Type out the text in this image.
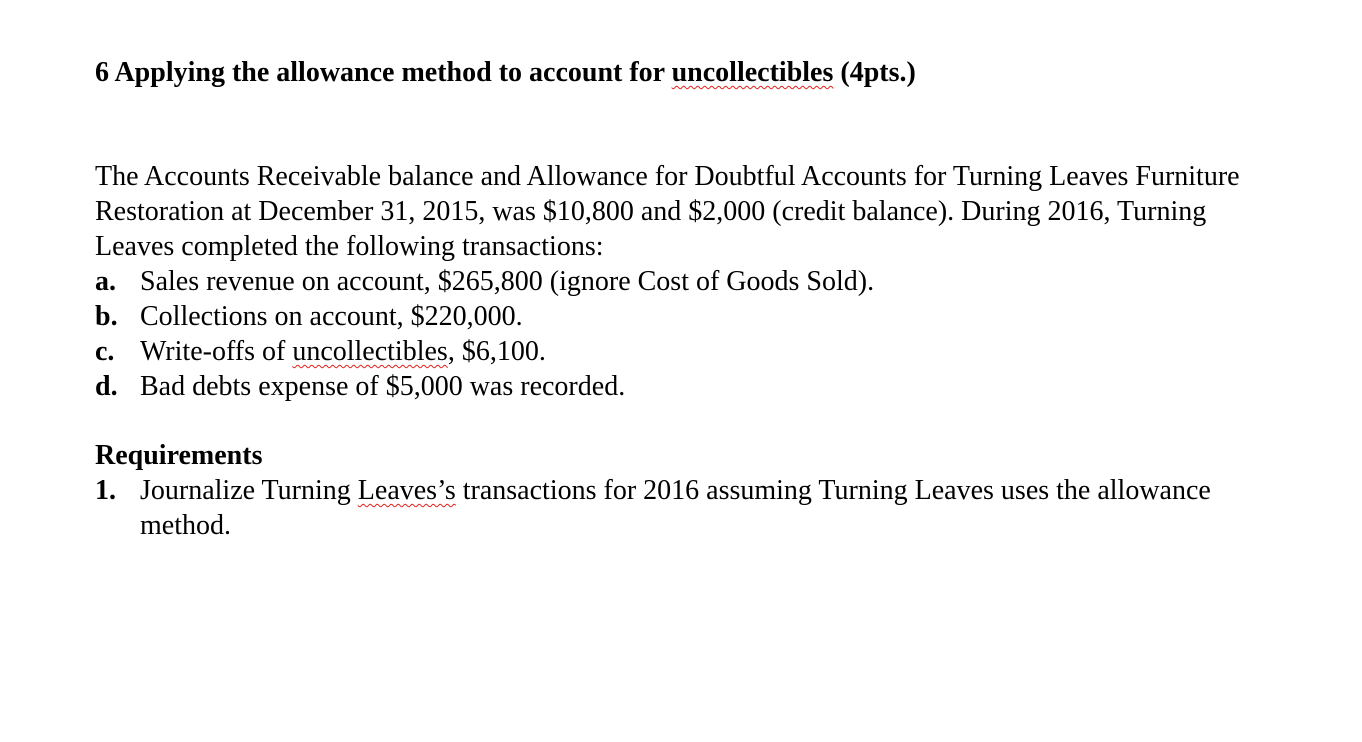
6 Applying the allowance method to account for uncollectibles (4pts.)
The Accounts Receivable balance and Allowance for Doubtful Accounts for Turning Leaves Furniture Restoration at December 31, 2015, was $10,800 and $2,000 (credit balance). During 2016, Turning Leaves completed the following transactions:
a. Sales revenue on account, $265,800 (ignore Cost of Goods Sold).
b. Collections on account, $220,000.
c. Write-offs of uncollectibles, $6,100.
d. Bad debts expense of $5,000 was recorded.
Requirements
1. Journalize Turning Leaves’s transactions for 2016 assuming Turning Leaves uses the allowance method.
